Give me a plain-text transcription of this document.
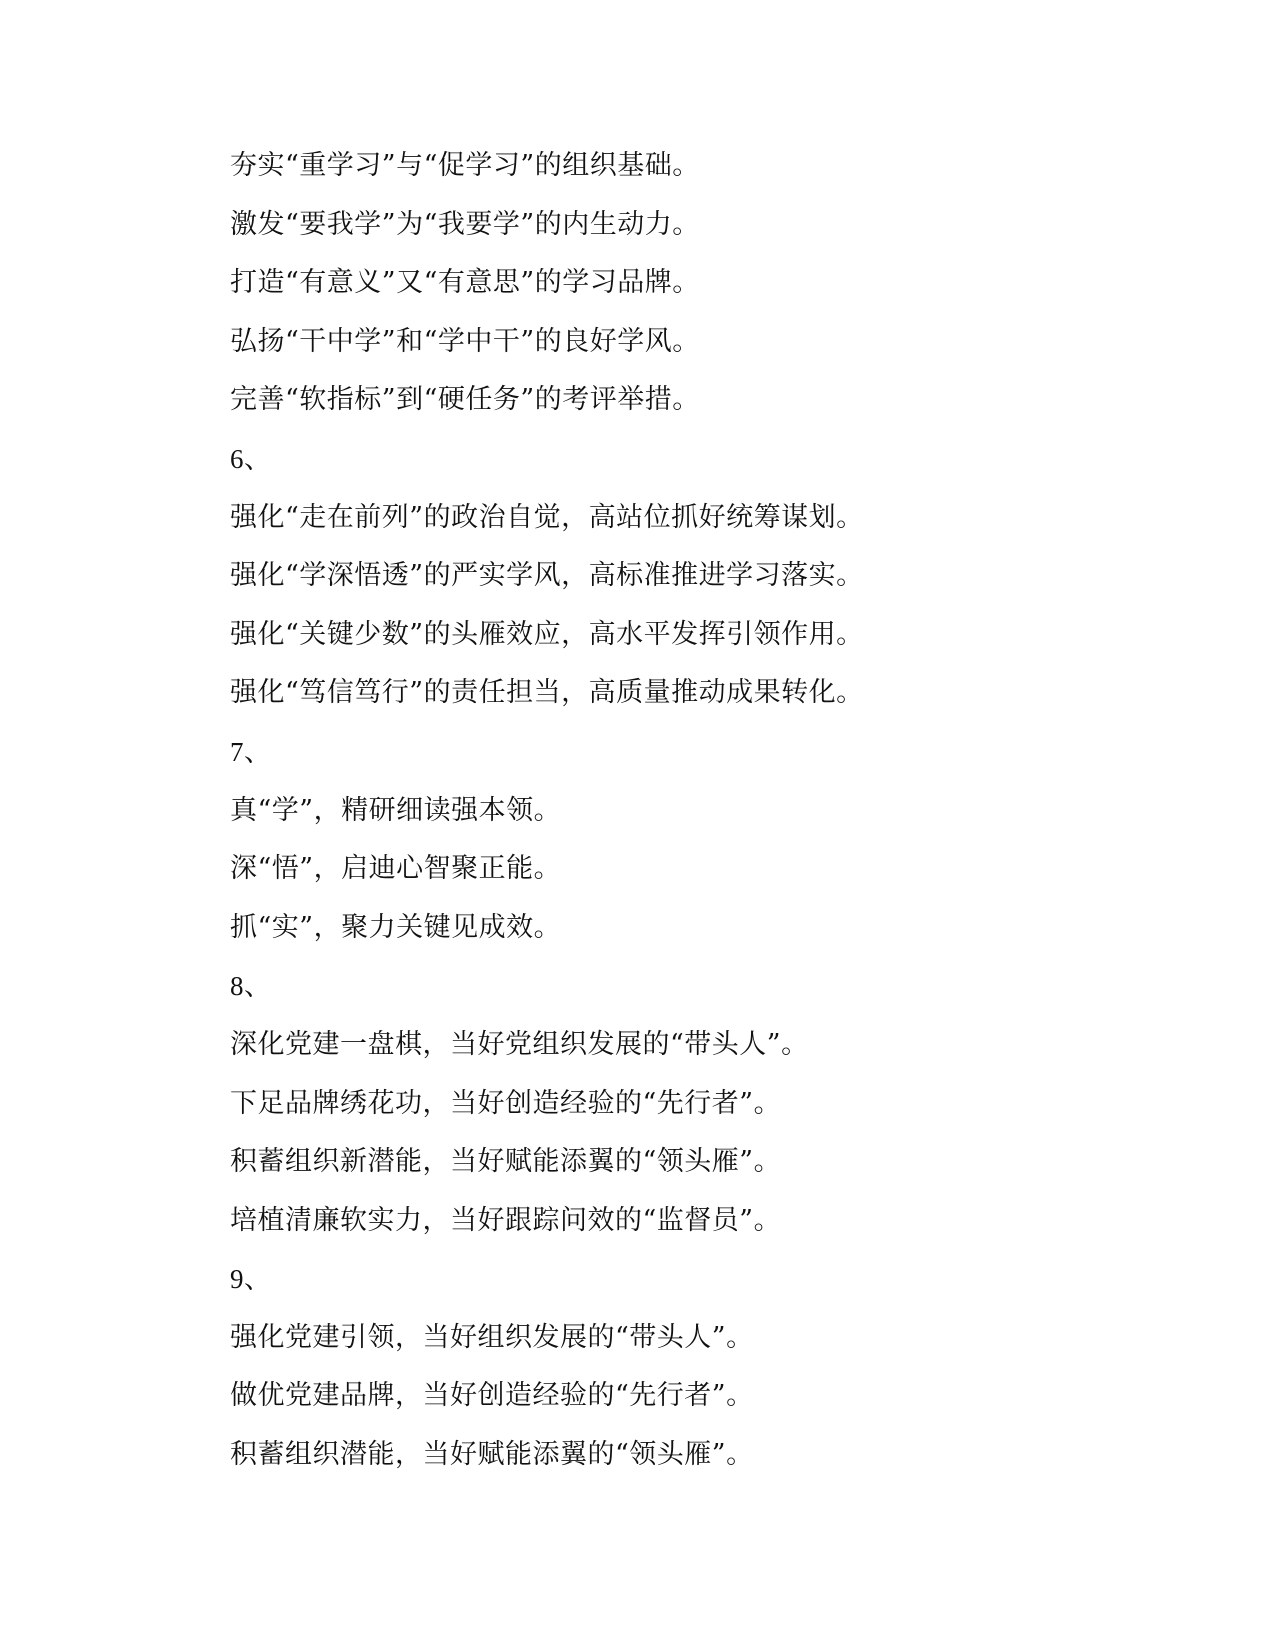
夯实“重学习”与“促学习”的组织基础。
激发“要我学”为“我要学”的内生动力。
打造“有意义”又“有意思”的学习品牌。
弘扬“干中学”和“学中干”的良好学风。
完善“软指标”到“硬任务”的考评举措。
6、
强化“走在前列”的政治自觉，高站位抓好统筹谋划。
强化“学深悟透”的严实学风，高标准推进学习落实。
强化“关键少数”的头雁效应，高水平发挥引领作用。
强化“笃信笃行”的责任担当，高质量推动成果转化。
7、
真“学”，精研细读强本领。
深“悟”，启迪心智聚正能。
抓“实”，聚力关键见成效。
8、
深化党建一盘棋，当好党组织发展的“带头人”。
下足品牌绣花功，当好创造经验的“先行者”。
积蓄组织新潜能，当好赋能添翼的“领头雁”。
培植清廉软实力，当好跟踪问效的“监督员”。
9、
强化党建引领，当好组织发展的“带头人”。
做优党建品牌，当好创造经验的“先行者”。
积蓄组织潜能，当好赋能添翼的“领头雁”。
